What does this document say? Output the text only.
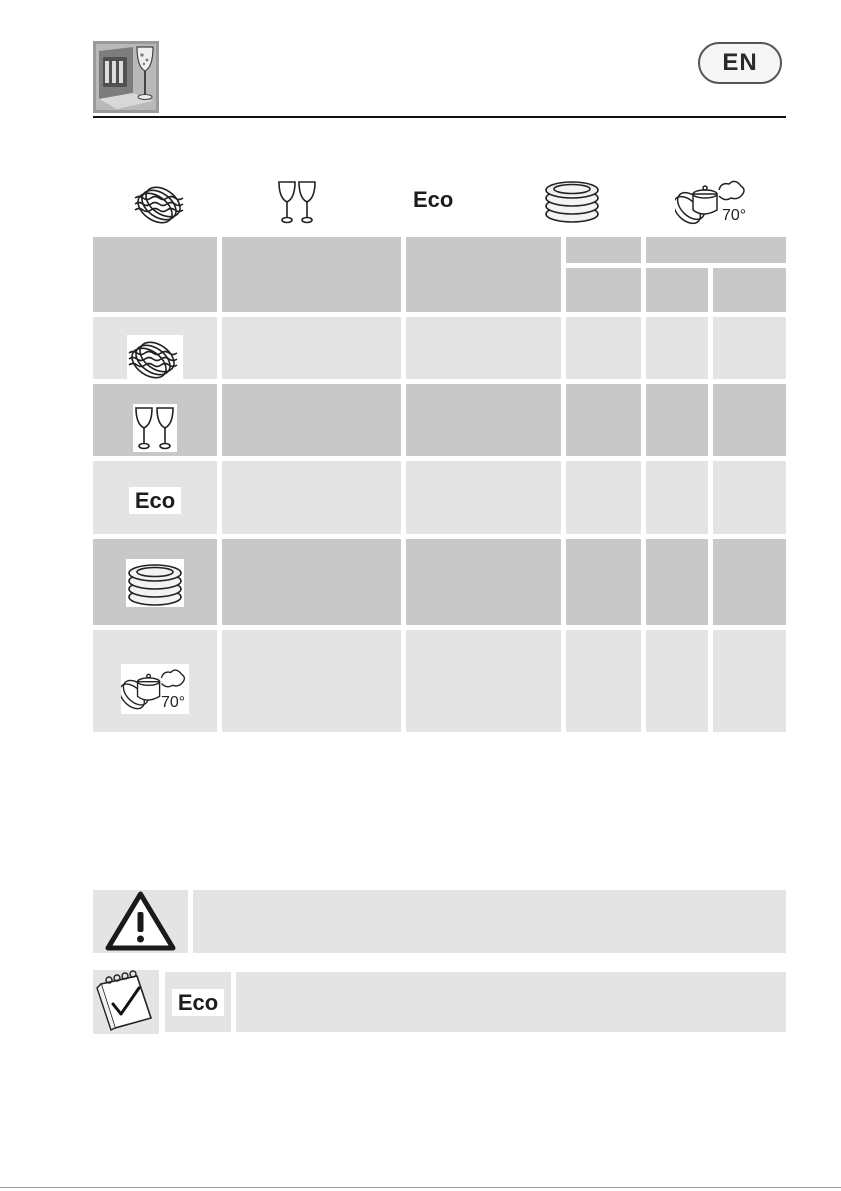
EN
Eco
70°
Eco
70°
Eco
